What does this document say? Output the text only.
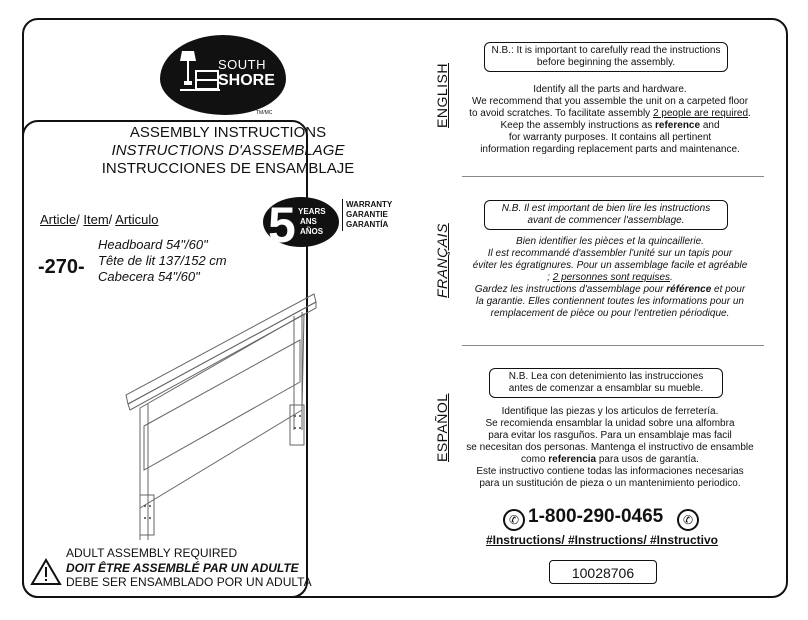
SOUTH
SHORE
TM/MC
ASSEMBLY INSTRUCTIONS
INSTRUCTIONS D'ASSEMBLAGE
INSTRUCCIONES DE ENSAMBLAJE
5 YEARS
ANS
AÑOS
WARRANTY
GARANTIE
GARANTÍA
Article/ Item/ Articulo
-270-
Headboard 54"/60"
Tête de lit 137/152 cm
Cabecera 54"/60"
ADULT ASSEMBLY REQUIRED
DOIT ÊTRE ASSEMBLÉ PAR UN ADULTE
DEBE SER ENSAMBLADO POR UN ADULTA
ENGLISH
N.B.: It is important to carefully read the instructions
before beginning the assembly.
Identify all the parts and hardware.
We recommend that you assemble the unit on a carpeted floor
to avoid scratches. To facilitate assembly 2 people are required.
Keep the assembly instructions as reference and
for warranty purposes. It contains all pertinent
information regarding replacement parts and maintenance.
FRANÇAIS
N.B. Il est important de bien lire les instructions
avant de commencer l'assemblage.
Bien identifier les pièces et la quincaillerie.
Il est recommandé d'assembler l'unité sur un tapis pour
éviter les égratignures. Pour un assemblage facile et agréable
; 2 personnes sont requises.
Gardez les instructions d'assemblage pour référence et pour
la garantie. Elles contiennent toutes les informations pour un
remplacement de pièce ou pour l'entretien périodique.
ESPAÑOL
N.B. Lea con detenimiento las instrucciones
antes de comenzar a ensamblar su mueble.
Identifique las piezas y los articulos de ferretería.
Se recomienda ensamblar la unidad sobre una alfombra
para evitar los rasguños. Para un ensamblaje mas facil
se necesitan dos personas. Mantenga el instructivo de ensamble
como referencia para usos de garantía.
Este instructivo contiene todas las informaciones necesarias
para un sustitución de pieza o un mantenimiento periodico.
✆ 1-800-290-0465	✆
#Instructions/ #Instructions/ #Instructivo
10028706
